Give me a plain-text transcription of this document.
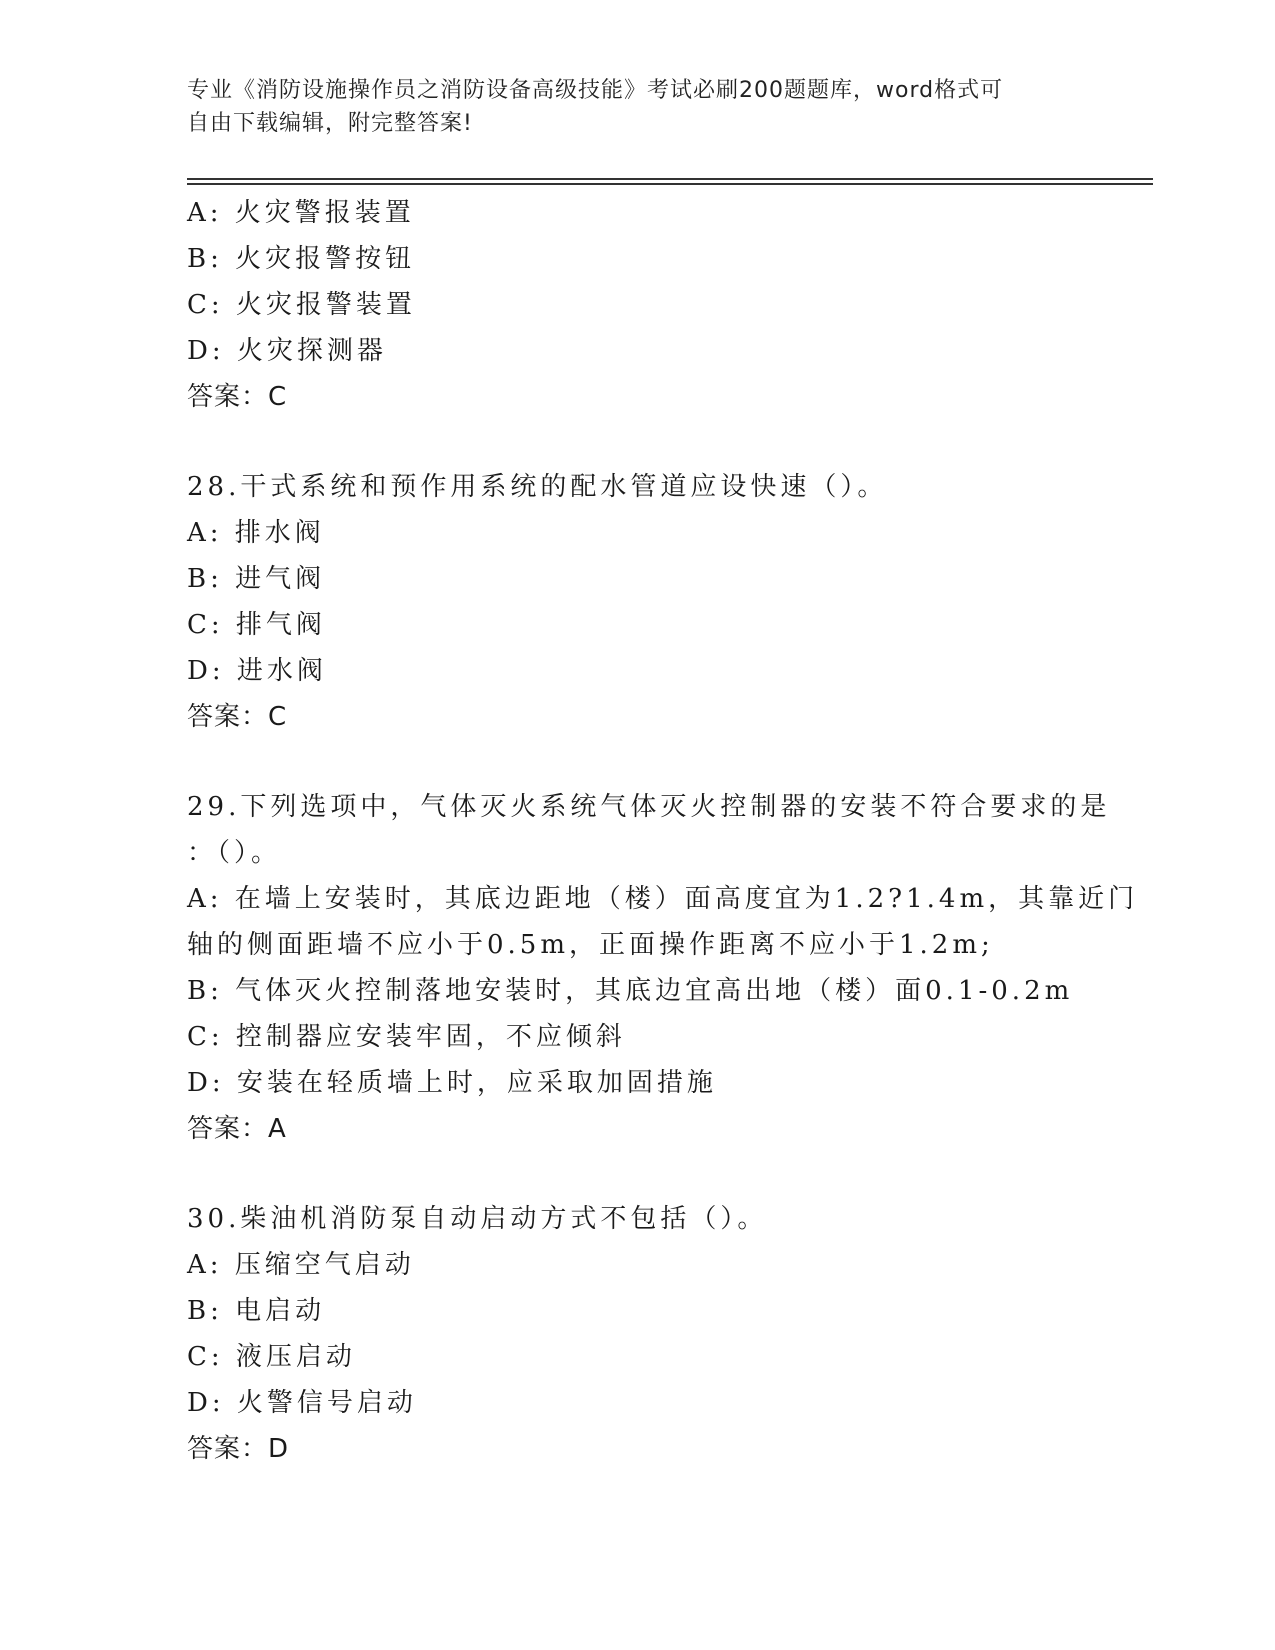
专业《消防设施操作员之消防设备高级技能》考试必刷200题题库，word格式可
自由下载编辑，附完整答案!
A: 火灾警报装置
B: 火灾报警按钮
C: 火灾报警装置
D: 火灾探测器
答案：C
28.干式系统和预作用系统的配水管道应设快速（）。
A: 排水阀
B: 进气阀
C: 排气阀
D: 进水阀
答案：C
29.下列选项中，气体灭火系统气体灭火控制器的安装不符合要求的是
：（）。
A: 在墙上安装时，其底边距地（楼）面高度宜为1.2?1.4m，其靠近门
轴的侧面距墙不应小于0.5m，正面操作距离不应小于1.2m;
B: 气体灭火控制落地安装时，其底边宜高出地（楼）面0.1-0.2m
C: 控制器应安装牢固，不应倾斜
D: 安装在轻质墙上时，应采取加固措施
答案：A
30.柴油机消防泵自动启动方式不包括（）。
A: 压缩空气启动
B: 电启动
C: 液压启动
D: 火警信号启动
答案：D
